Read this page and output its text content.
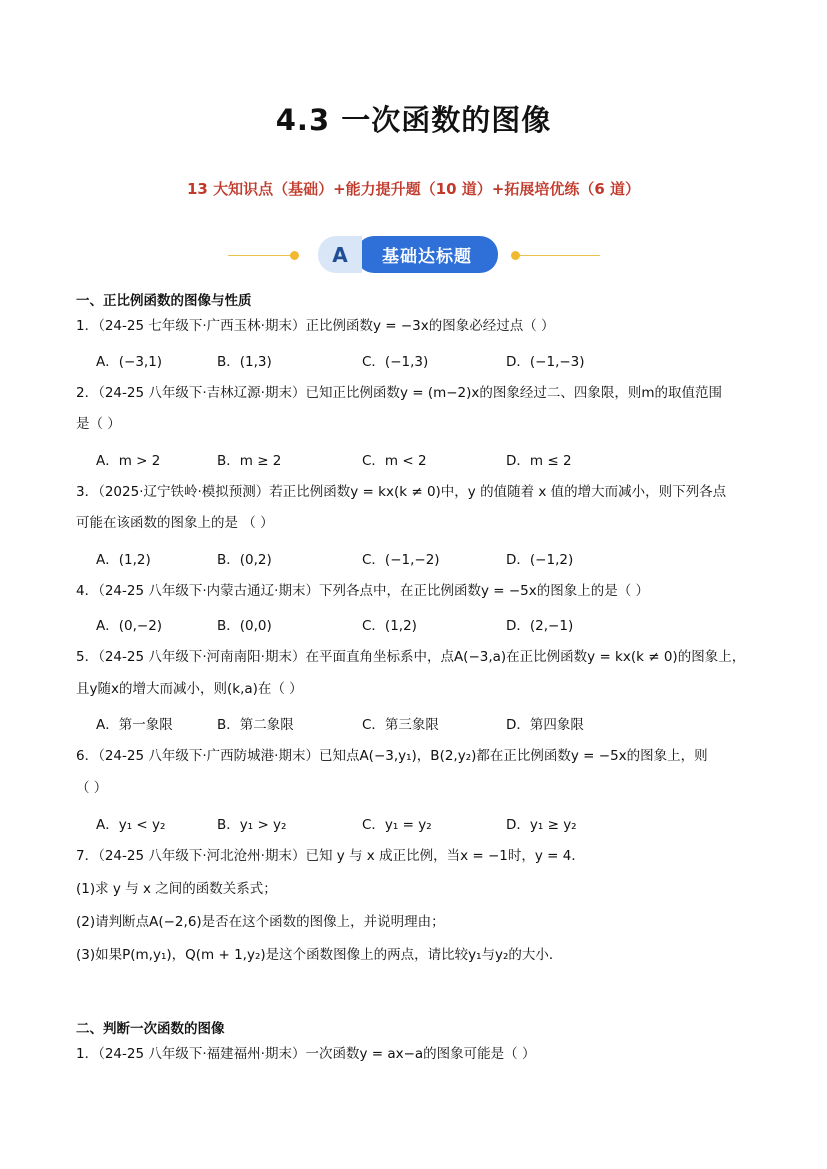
4.3 一次函数的图像
13 大知识点（基础）+能力提升题（10 道）+拓展培优练（6 道）
基础达标题
A
一、正比例函数的图像与性质
1．（24-25 七年级下·广西玉林·期末）正比例函数y = −3x的图象必经过点（ ）
A．(−3,1)	B．(1,3)	C．(−1,3)	D．(−1,−3)
2．（24-25 八年级下·吉林辽源·期末）已知正比例函数y = (m−2)x的图象经过二、四象限，则m的取值范围
是（ ）
A．m > 2	B．m ≥ 2	C．m < 2	D．m ≤ 2
3．（2025·辽宁铁岭·模拟预测）若正比例函数y = kx(k ≠ 0)中，y 的值随着 x 值的增大而减小，则下列各点
可能在该函数的图象上的是 （ ）
A．(1,2)	B．(0,2)	C．(−1,−2)	D．(−1,2)
4．（24-25 八年级下·内蒙古通辽·期末）下列各点中，在正比例函数y = −5x的图象上的是（ ）
A．(0,−2)	B．(0,0)	C．(1,2)	D．(2,−1)
5．（24-25 八年级下·河南南阳·期末）在平面直角坐标系中，点A(−3,a)在正比例函数y = kx(k ≠ 0)的图象上，
且y随x的增大而减小，则(k,a)在（ ）
A．第一象限	B．第二象限	C．第三象限	D．第四象限
6．（24-25 八年级下·广西防城港·期末）已知点A(−3,y₁)，B(2,y₂)都在正比例函数y = −5x的图象上，则
（ ）
A．y₁ < y₂	B．y₁ > y₂	C．y₁ = y₂	D．y₁ ≥ y₂
7．（24-25 八年级下·河北沧州·期末）已知 y 与 x 成正比例，当x = −1时，y = 4．
(1)求 y 与 x 之间的函数关系式；
(2)请判断点A(−2,6)是否在这个函数的图像上，并说明理由；
(3)如果P(m,y₁)，Q(m + 1,y₂)是这个函数图像上的两点，请比较y₁与y₂的大小．
二、判断一次函数的图像
1．（24-25 八年级下·福建福州·期末）一次函数y = ax−a的图象可能是（ ）
